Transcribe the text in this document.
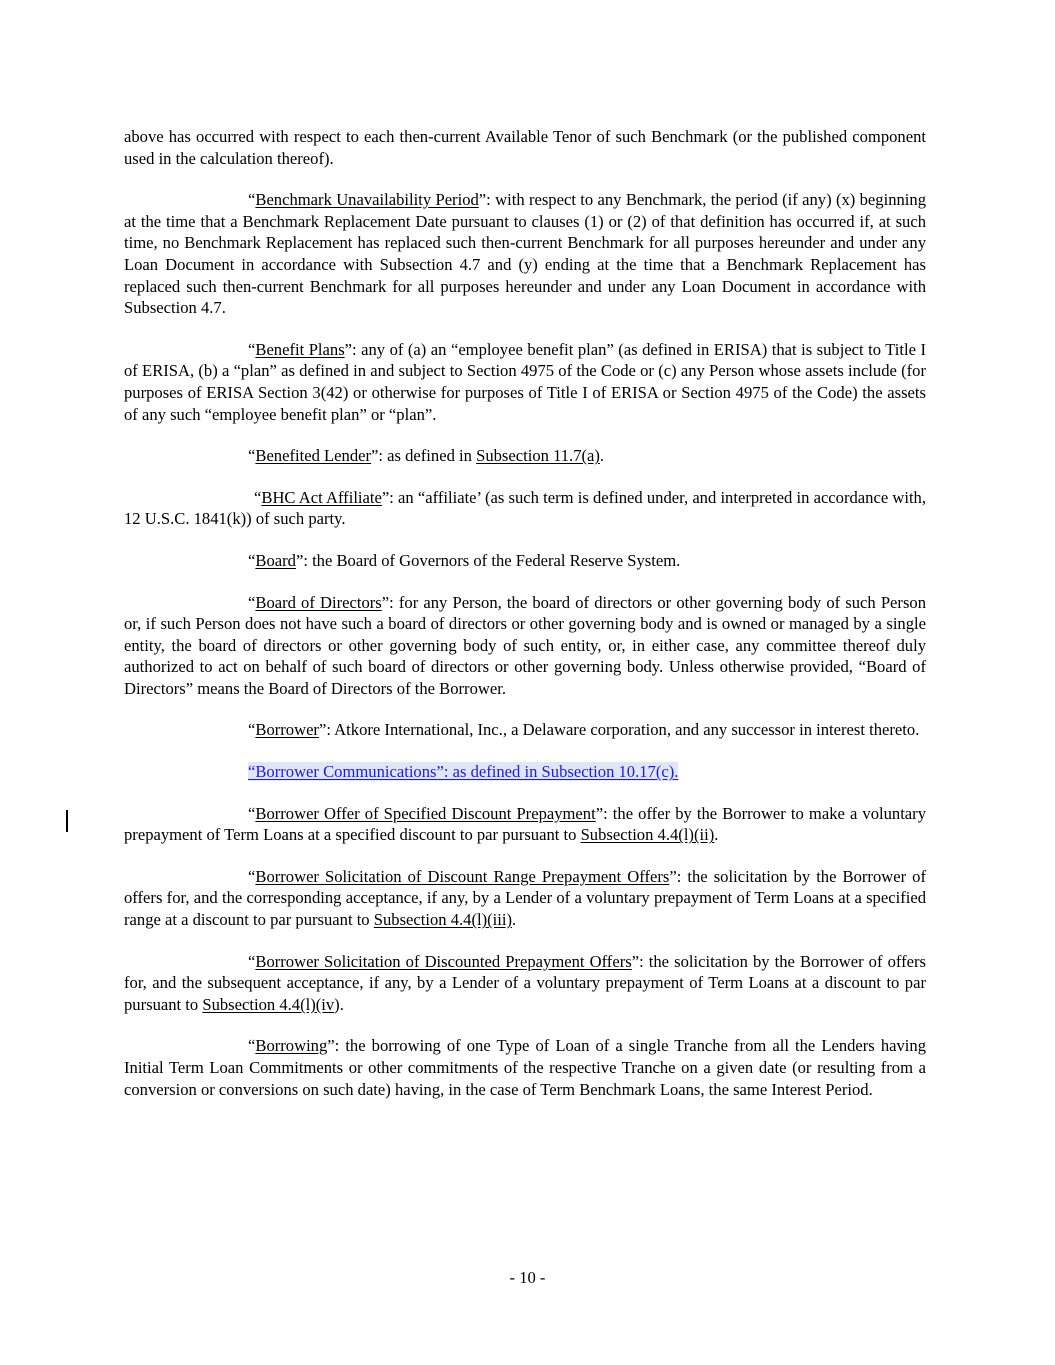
above has occurred with respect to each then-current Available Tenor of such Benchmark (or the published component used in the calculation thereof).

“Benchmark Unavailability Period”: with respect to any Benchmark, the period (if any) (x) beginning at the time that a Benchmark Replacement Date pursuant to clauses (1) or (2) of that definition has occurred if, at such time, no Benchmark Replacement has replaced such then-current Benchmark for all purposes hereunder and under any Loan Document in accordance with Subsection 4.7 and (y) ending at the time that a Benchmark Replacement has replaced such then-current Benchmark for all purposes hereunder and under any Loan Document in accordance with Subsection 4.7.

“Benefit Plans”: any of (a) an “employee benefit plan” (as defined in ERISA) that is subject to Title I of ERISA, (b) a “plan” as defined in and subject to Section 4975 of the Code or (c) any Person whose assets include (for purposes of ERISA Section 3(42) or otherwise for purposes of Title I of ERISA or Section 4975 of the Code) the assets of any such “employee benefit plan” or “plan”.

“Benefited Lender”: as defined in Subsection 11.7(a).

“BHC Act Affiliate”: an “affiliate’ (as such term is defined under, and interpreted in accordance with, 12 U.S.C. 1841(k)) of such party.

“Board”: the Board of Governors of the Federal Reserve System.

“Board of Directors”: for any Person, the board of directors or other governing body of such Person or, if such Person does not have such a board of directors or other governing body and is owned or managed by a single entity, the board of directors or other governing body of such entity, or, in either case, any committee thereof duly authorized to act on behalf of such board of directors or other governing body. Unless otherwise provided, “Board of Directors” means the Board of Directors of the Borrower.

“Borrower”: Atkore International, Inc., a Delaware corporation, and any successor in interest thereto.

“Borrower Communications”: as defined in Subsection 10.17(c).

“Borrower Offer of Specified Discount Prepayment”: the offer by the Borrower to make a voluntary prepayment of Term Loans at a specified discount to par pursuant to Subsection 4.4(l)(ii).

“Borrower Solicitation of Discount Range Prepayment Offers”: the solicitation by the Borrower of offers for, and the corresponding acceptance, if any, by a Lender of a voluntary prepayment of Term Loans at a specified range at a discount to par pursuant to Subsection 4.4(l)(iii).

“Borrower Solicitation of Discounted Prepayment Offers”: the solicitation by the Borrower of offers for, and the subsequent acceptance, if any, by a Lender of a voluntary prepayment of Term Loans at a discount to par pursuant to Subsection 4.4(l)(iv).

“Borrowing”: the borrowing of one Type of Loan of a single Tranche from all the Lenders having Initial Term Loan Commitments or other commitments of the respective Tranche on a given date (or resulting from a conversion or conversions on such date) having, in the case of Term Benchmark Loans, the same Interest Period.

- 10 -
